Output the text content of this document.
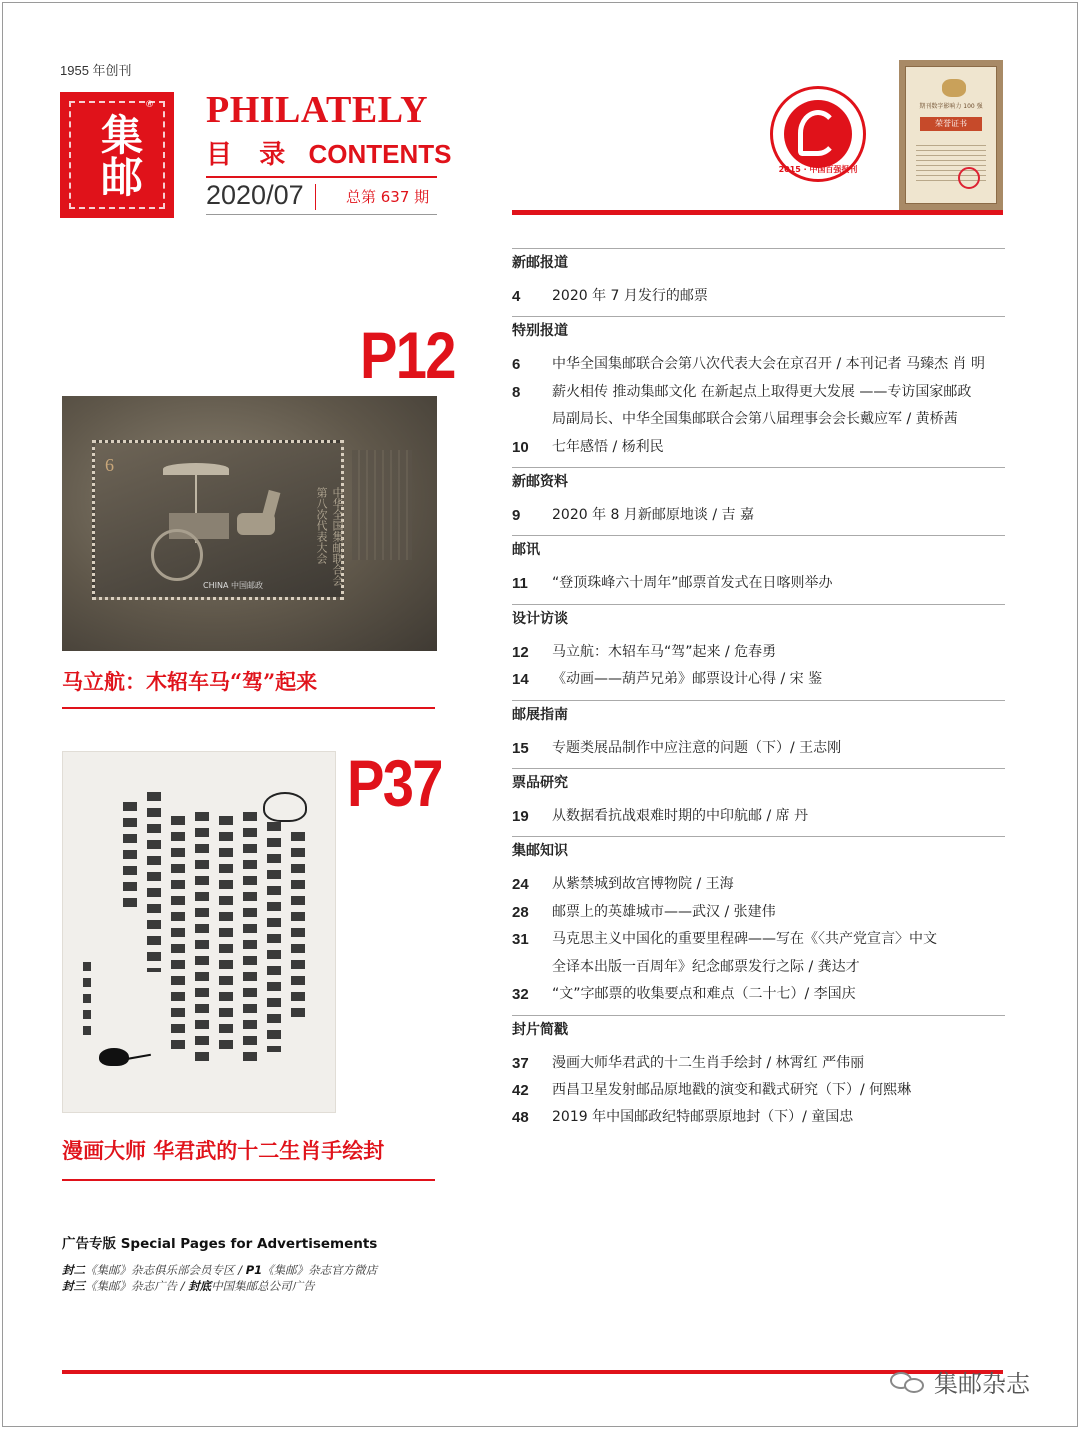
1955 年创刊
集邮
® PHILATELY
目 录 CONTENTS
2020/07	总第 637 期
2015 · 中国百强报刊
期刊数字影响力 100 强
荣誉证书
新邮报道
4	2020 年 7 月发行的邮票
特别报道
6	中华全国集邮联合会第八次代表大会在京召开 / 本刊记者 马臻杰 肖 明
8	薪火相传 推动集邮文化 在新起点上取得更大发展 ——专访国家邮政
局副局长、中华全国集邮联合会第八届理事会会长戴应军 / 黄桥茜
10	七年感悟 / 杨利民
新邮资料
9	2020 年 8 月新邮原地谈 / 吉 嘉
邮讯
11	“登顶珠峰六十周年”邮票首发式在日喀则举办
设计访谈
12	马立航：木轺车马“驾”起来 / 危春勇
14	《动画——葫芦兄弟》邮票设计心得 / 宋 鉴
邮展指南
15	专题类展品制作中应注意的问题（下）/ 王志刚
票品研究
19	从数据看抗战艰难时期的中印航邮 / 席 丹
集邮知识
24	从紫禁城到故宫博物院 / 王海
28	邮票上的英雄城市——武汉 / 张建伟
31	马克思主义中国化的重要里程碑——写在《〈共产党宣言〉中文
全译本出版一百周年》纪念邮票发行之际 / 龚达才
32	“文”字邮票的收集要点和难点（二十七）/ 李国庆
封片简戳
37	漫画大师华君武的十二生肖手绘封 / 林霄红 严伟丽
42	西昌卫星发射邮品原地戳的演变和戳式研究（下）/ 何熙琳
48	2019 年中国邮政纪特邮票原地封（下）/ 童国忠
P12
6
中华全国集邮联合会第八次代表大会
CHINA 中国邮政
马立航：木轺车马“驾”起来
P37
漫画大师 华君武的十二生肖手绘封
广告专版 Special Pages for Advertisements
封二《集邮》杂志俱乐部会员专区 / P1《集邮》杂志官方微店
封三《集邮》杂志广告 / 封底中国集邮总公司广告
集邮杂志
